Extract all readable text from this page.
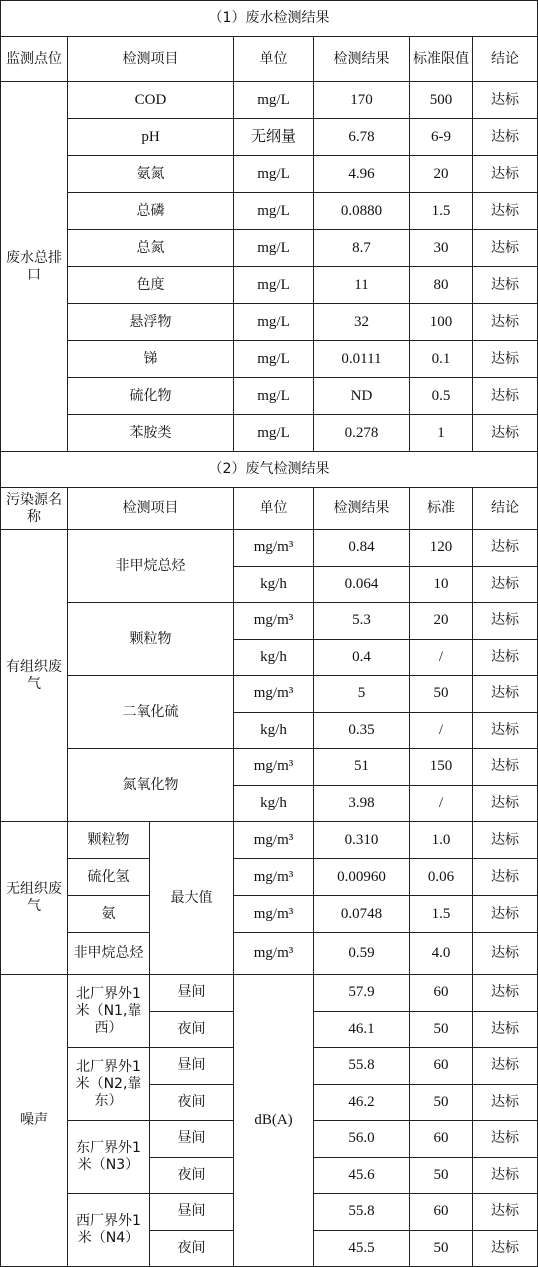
（1）废水检测结果						
监测点位	检测项目		单位	检测结果	标准限值	结论
废水总排口	COD		mg/L	170	500	达标
	pH		无纲量	6.78	6-9	达标
	氨氮		mg/L	4.96	20	达标
	总磷		mg/L	0.0880	1.5	达标
	总氮		mg/L	8.7	30	达标
	色度		mg/L	11	80	达标
	悬浮物		mg/L	32	100	达标
	锑		mg/L	0.0111	0.1	达标
	硫化物		mg/L	ND	0.5	达标
	苯胺类		mg/L	0.278	1	达标
（2）废气检测结果						
污染源名称	检测项目		单位	检测结果	标准	结论
有组织废气	非甲烷总烃		mg/m³	0.84	120	达标
			kg/h	0.064	10	达标
	颗粒物		mg/m³	5.3	20	达标
			kg/h	0.4	/	达标
	二氧化硫		mg/m³	5	50	达标
			kg/h	0.35	/	达标
	氮氧化物		mg/m³	51	150	达标
			kg/h	3.98	/	达标
无组织废气	颗粒物	最大值	mg/m³	0.310	1.0	达标
	硫化氢		mg/m³	0.00960	0.06	达标
	氨		mg/m³	0.0748	1.5	达标
	非甲烷总烃		mg/m³	0.59	4.0	达标
噪声	北厂界外1米（N1,靠西）	昼间	dB(A)	57.9	60	达标
		夜间		46.1	50	达标
	北厂界外1米（N2,靠东）	昼间		55.8	60	达标
		夜间		46.2	50	达标
	东厂界外1米（N3）	昼间		56.0	60	达标
		夜间		45.6	50	达标
	西厂界外1米（N4）	昼间		55.8	60	达标
		夜间		45.5	50	达标
